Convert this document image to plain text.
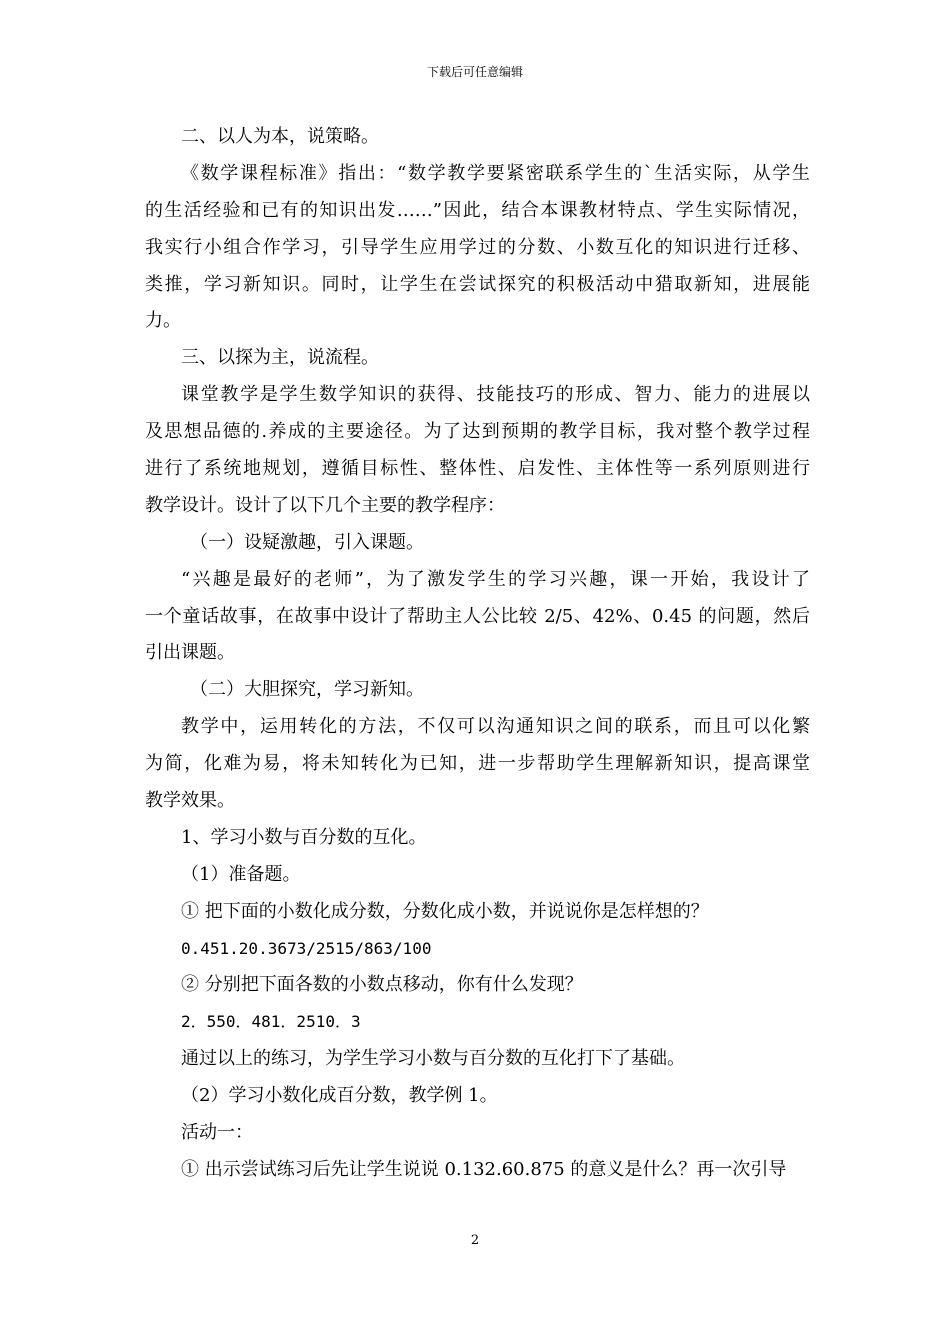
下载后可任意编辑
二、以人为本，说策略。
《数学课程标准》指出：“数学教学要紧密联系学生的`生活实际，从学生
的生活经验和已有的知识出发……”因此，结合本课教材特点、学生实际情况，
我实行小组合作学习，引导学生应用学过的分数、小数互化的知识进行迁移、
类推，学习新知识。同时，让学生在尝试探究的积极活动中猎取新知，进展能
力。
三、以探为主，说流程。
课堂教学是学生数学知识的获得、技能技巧的形成、智力、能力的进展以
及思想品德的.养成的主要途径。为了达到预期的教学目标，我对整个教学过程
进行了系统地规划，遵循目标性、整体性、启发性、主体性等一系列原则进行
教学设计。设计了以下几个主要的教学程序：
（一）设疑激趣，引入课题。
“兴趣是最好的老师”，为了激发学生的学习兴趣，课一开始，我设计了
一个童话故事，在故事中设计了帮助主人公比较 2/5、42%、0.45 的问题，然后
引出课题。
（二）大胆探究，学习新知。
教学中，运用转化的方法，不仅可以沟通知识之间的联系，而且可以化繁
为简，化难为易，将未知转化为已知，进一步帮助学生理解新知识，提高课堂
教学效果。
1、学习小数与百分数的互化。
（1）准备题。
① 把下面的小数化成分数，分数化成小数，并说说你是怎样想的？
0.451.20.3673/2515/863/100
② 分别把下面各数的小数点移动，你有什么发现？
2．550．481．2510．3
通过以上的练习，为学生学习小数与百分数的互化打下了基础。
（2）学习小数化成百分数，教学例 1。
活动一：
① 出示尝试练习后先让学生说说 0.132.60.875 的意义是什么？再一次引导
2
